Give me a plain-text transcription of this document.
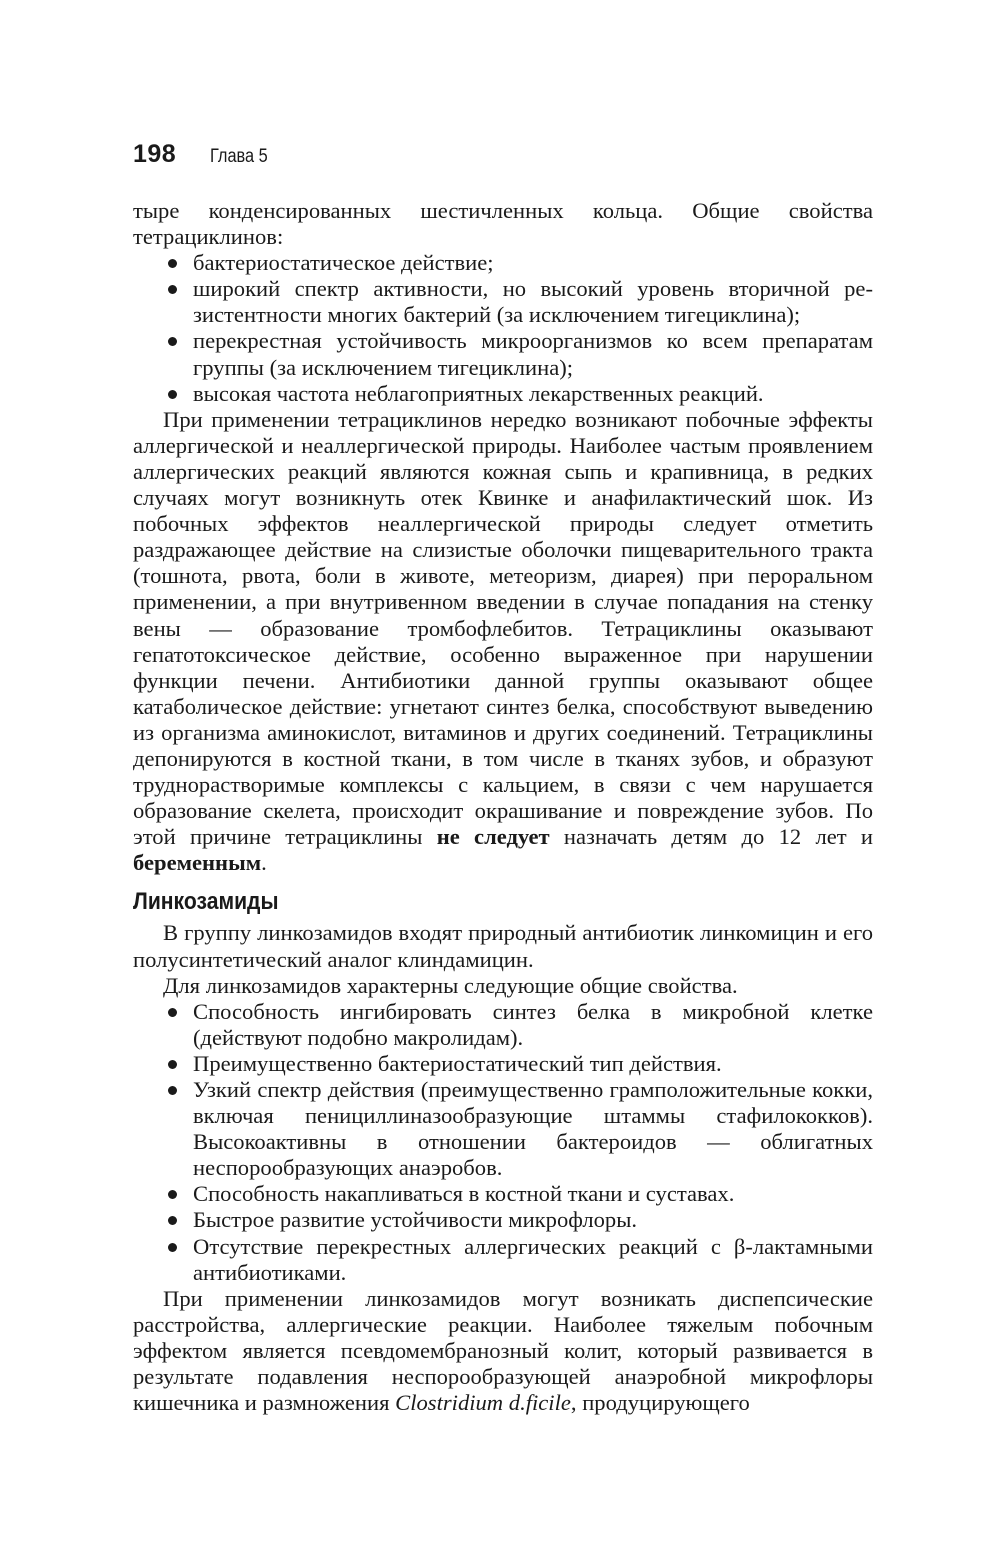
198 Глава 5

тыре конденсированных шестичленных кольца. Общие свойства тетрациклинов:

бактериостатическое действие;
широкий спектр активности, но высокий уровень вторичной резистентности многих бактерий (за исключением тигециклина);
перекрестная устойчивость микроорганизмов ко всем препаратам группы (за исключением тигециклина);
высокая частота неблагоприятных лекарственных реакций.

При применении тетрациклинов нередко возникают побочные эффекты аллергической и неаллергической природы. Наиболее частым проявлением аллергических реакций являются кожная сыпь и крапивница, в редких случаях могут возникнуть отек Квинке и анафилактический шок. Из побочных эффектов неаллергической природы следует отметить раздражающее действие на слизистые оболочки пищеварительного тракта (тошнота, рвота, боли в животе, метеоризм, диарея) при пероральном применении, а при внутривенном введении в случае попадания на стенку вены — образование тромбофлебитов. Тетрациклины оказывают гепатотоксическое действие, особенно выраженное при нарушении функции печени. Антибиотики данной группы оказывают общее катаболическое действие: угнетают синтез белка, способствуют выведению из организма аминокислот, витаминов и других соединений. Тетрациклины депонируются в костной ткани, в том числе в тканях зубов, и образуют труднорастворимые комплексы с кальцием, в связи с чем нарушается образование скелета, происходит окрашивание и повреждение зубов. По этой причине тетрациклины не следует назначать детям до 12 лет и беременным.

Линкозамиды

В группу линкозамидов входят природный антибиотик линкомицин и его полусинтетический аналог клиндамицин.

Для линкозамидов характерны следующие общие свойства.

Способность ингибировать синтез белка в микробной клетке (действуют подобно макролидам).
Преимущественно бактериостатический тип действия.
Узкий спектр действия (преимущественно грамположительные кокки, включая пенициллиназообразующие штаммы стафилококков). Высокоактивны в отношении бактероидов — облигатных неспорообразующих анаэробов.
Способность накапливаться в костной ткани и суставах.
Быстрое развитие устойчивости микрофлоры.
Отсутствие перекрестных аллергических реакций с β-лактамными антибиотиками.

При применении линкозамидов могут возникать диспепсические расстройства, аллергические реакции. Наиболее тяжелым побочным эффектом является псевдомембранозный колит, который развивается в результате подавления неспорообразующей анаэробной микрофлоры кишечника и размножения Clostridium d.ficile, продуцирующего
